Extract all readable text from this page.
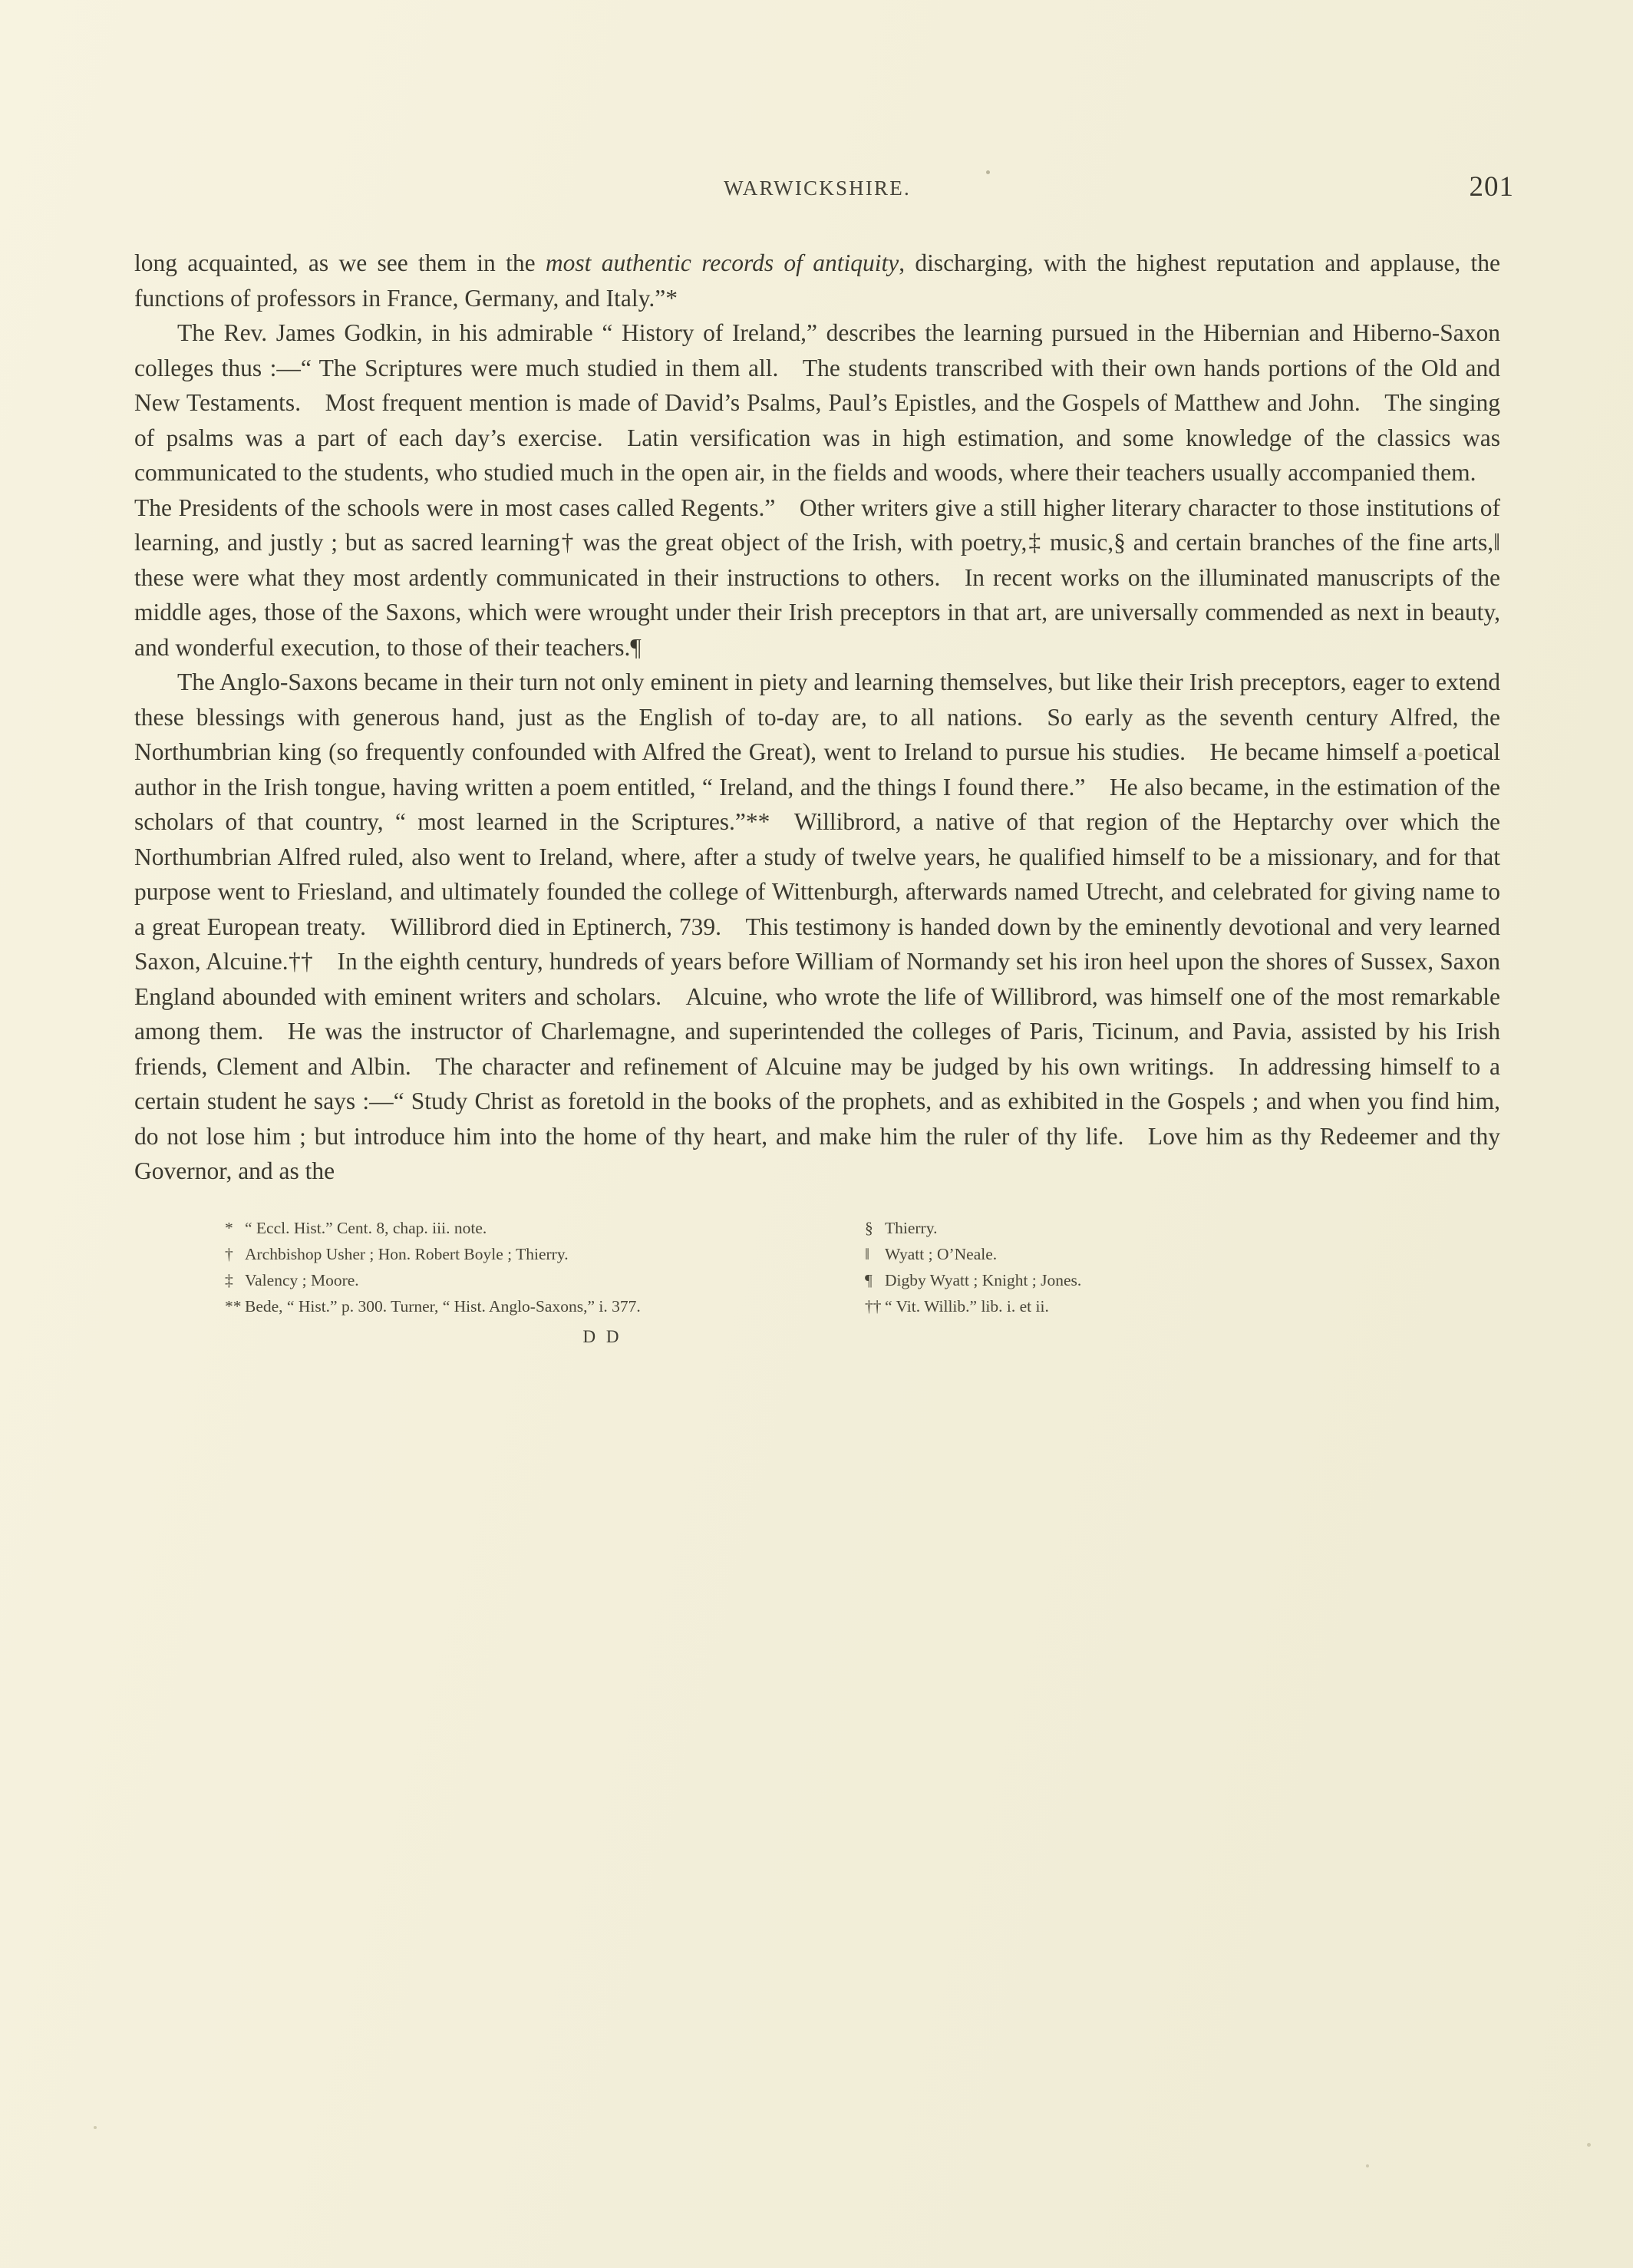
WARWICKSHIRE.	201

long acquainted, as we see them in the most authentic records of antiquity, discharging, with the highest reputation and applause, the functions of professors in France, Germany, and Italy.”*

The Rev. James Godkin, in his admirable “ History of Ireland,” describes the learning pursued in the Hibernian and Hiberno-Saxon colleges thus :—“ The Scriptures were much studied in them all. The students transcribed with their own hands portions of the Old and New Testaments. Most frequent mention is made of David’s Psalms, Paul’s Epistles, and the Gospels of Matthew and John. The singing of psalms was a part of each day’s exercise. Latin versification was in high estimation, and some knowledge of the classics was communicated to the students, who studied much in the open air, in the fields and woods, where their teachers usually accompanied them. The Presidents of the schools were in most cases called Regents.” Other writers give a still higher literary character to those institutions of learning, and justly ; but as sacred learning† was the great object of the Irish, with poetry,‡ music,§ and certain branches of the fine arts,‖ these were what they most ardently communicated in their instructions to others. In recent works on the illuminated manuscripts of the middle ages, those of the Saxons, which were wrought under their Irish preceptors in that art, are universally commended as next in beauty, and wonderful execution, to those of their teachers.¶

The Anglo-Saxons became in their turn not only eminent in piety and learning themselves, but like their Irish preceptors, eager to extend these blessings with generous hand, just as the English of to-day are, to all nations. So early as the seventh century Alfred, the Northumbrian king (so frequently confounded with Alfred the Great), went to Ireland to pursue his studies. He became himself a poetical author in the Irish tongue, having written a poem entitled, “ Ireland, and the things I found there.” He also became, in the estimation of the scholars of that country, “ most learned in the Scriptures.”** Willibrord, a native of that region of the Heptarchy over which the Northumbrian Alfred ruled, also went to Ireland, where, after a study of twelve years, he qualified himself to be a missionary, and for that purpose went to Friesland, and ultimately founded the college of Wittenburgh, afterwards named Utrecht, and celebrated for giving name to a great European treaty. Willibrord died in Eptinerch, 739. This testimony is handed down by the eminently devotional and very learned Saxon, Alcuine.†† In the eighth century, hundreds of years before William of Normandy set his iron heel upon the shores of Sussex, Saxon England abounded with eminent writers and scholars. Alcuine, who wrote the life of Willibrord, was himself one of the most remarkable among them. He was the instructor of Charlemagne, and superintended the colleges of Paris, Ticinum, and Pavia, assisted by his Irish friends, Clement and Albin. The character and refinement of Alcuine may be judged by his own writings. In addressing himself to a certain student he says :—“ Study Christ as foretold in the books of the prophets, and as exhibited in the Gospels ; and when you find him, do not lose him ; but introduce him into the home of thy heart, and make him the ruler of thy life. Love him as thy Redeemer and thy Governor, and as the

* “ Eccl. Hist.” Cent. 8, chap. iii. note.
† Archbishop Usher ; Hon. Robert Boyle ; Thierry.
‡ Valency ; Moore.
** Bede, “ Hist.” p. 300. Turner, “ Hist. Anglo-Saxons,” i. 377.
§ Thierry.
‖ Wyatt ; O’Neale.
¶ Digby Wyatt ; Knight ; Jones.
†† “ Vit. Willib.” lib. i. et ii.
D D
